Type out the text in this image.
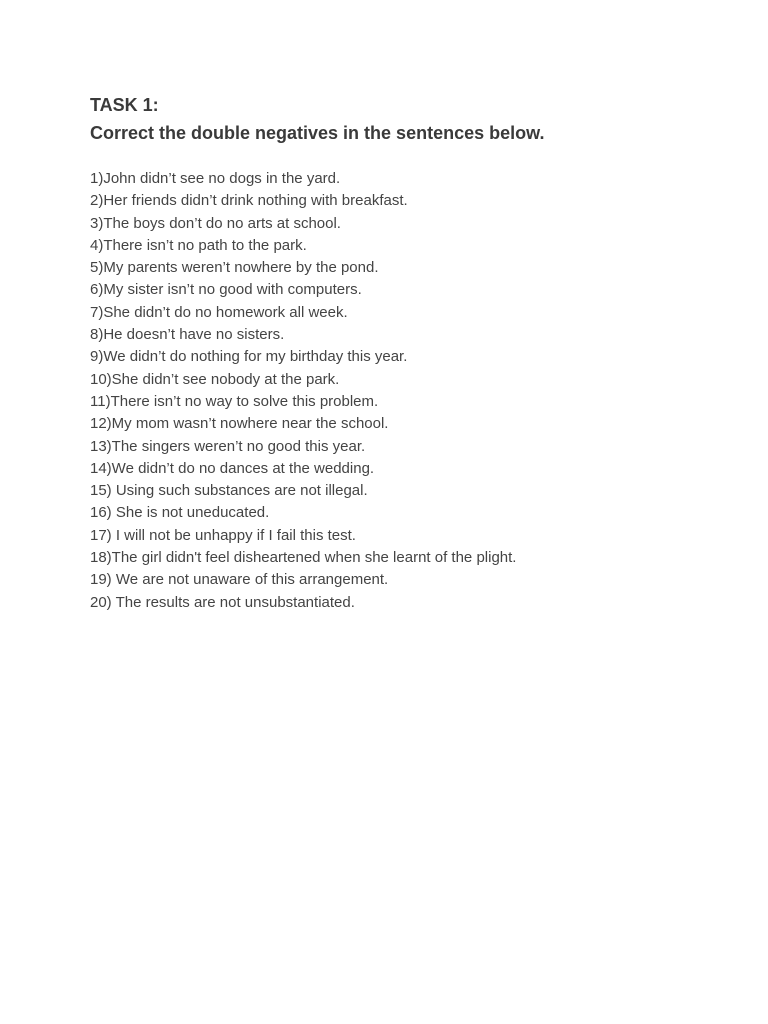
TASK 1:

Correct the double negatives in the sentences below.

1)John didn’t see no dogs in the yard.
2)Her friends didn’t drink nothing with breakfast.
3)The boys don’t do no arts at school.
4)There isn’t no path to the park.
5)My parents weren’t nowhere by the pond.
6)My sister isn’t no good with computers.
7)She didn’t do no homework all week.
8)He doesn’t have no sisters.
9)We didn’t do nothing for my birthday this year.
10)She didn’t see nobody at the park.
11)There isn’t no way to solve this problem.
12)My mom wasn’t nowhere near the school.
13)The singers weren’t no good this year.
14)We didn’t do no dances at the wedding.
15) Using such substances are not illegal.
16) She is not uneducated.
17) I will not be unhappy if I fail this test.
18)The girl didn't feel disheartened when she learnt of the plight.
19) We are not unaware of this arrangement.
20) The results are not unsubstantiated.
